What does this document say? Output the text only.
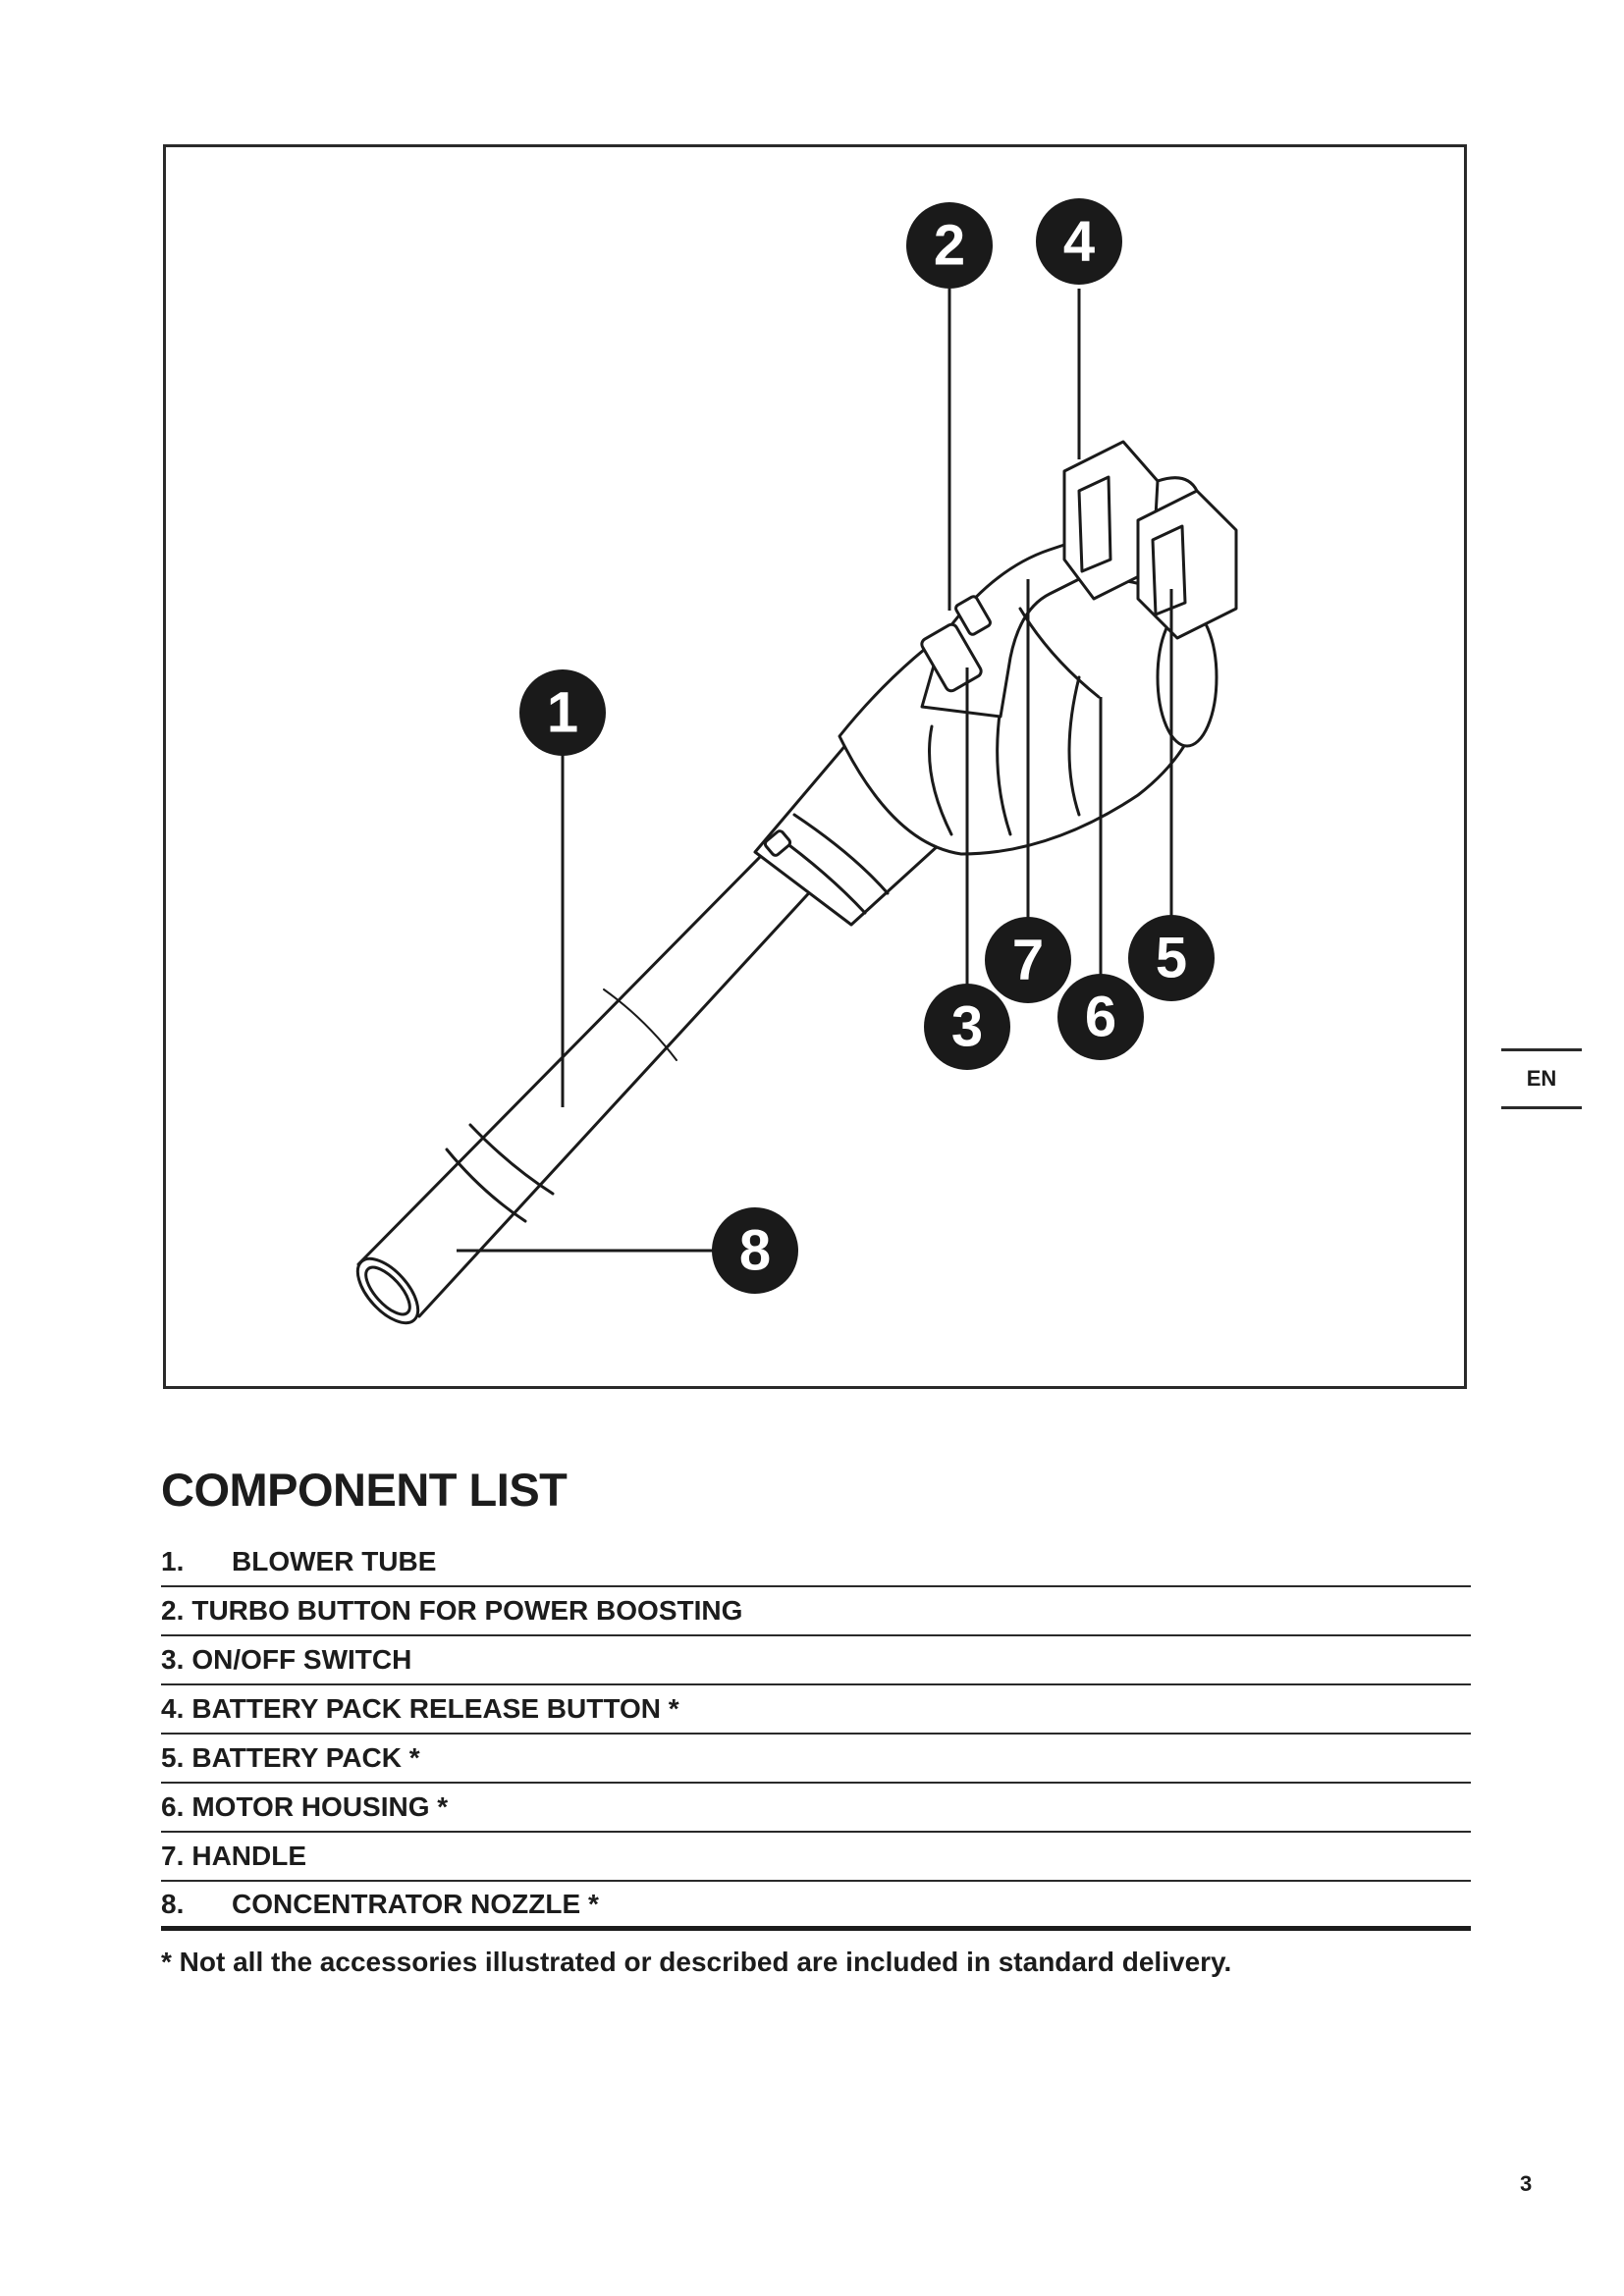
1
2
3
4
5
6
7
8
COMPONENT LIST
1.	BLOWER TUBE
2. TURBO BUTTON FOR POWER BOOSTING
3. ON/OFF SWITCH
4. BATTERY PACK RELEASE BUTTON *
5. BATTERY PACK *
6. MOTOR HOUSING *
7. HANDLE
8.	CONCENTRATOR NOZZLE *

* Not all the accessories illustrated or described are included in standard delivery.

EN
3
